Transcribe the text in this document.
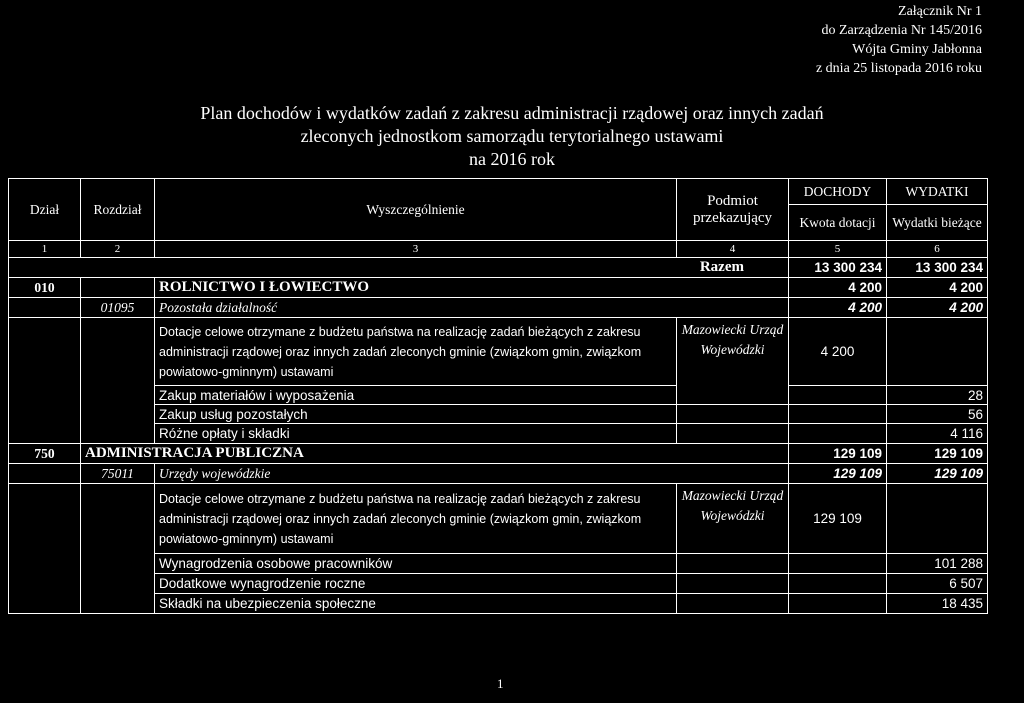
Załącznik Nr 1
do Zarządzenia Nr 145/2016
Wójta Gminy Jabłonna
z dnia 25 listopada 2016 roku
Plan dochodów i wydatków zadań z zakresu administracji rządowej oraz innych zadań
zleconych jednostkom samorządu terytorialnego ustawami
na 2016 rok
Dział	Rozdział	Wyszczególnienie	Podmiot przekazujący	DOCHODY	WYDATKI
				Kwota dotacji	Wydatki bieżące
1	2	3	4	5	6
Razem				13 300 234	13 300 234
010		ROLNICTWO I ŁOWIECTWO		4 200	4 200
	01095	Pozostała działalność		4 200	4 200
		Dotacje celowe otrzymane z budżetu państwa na realizację zadań bieżących z zakresu administracji rządowej oraz innych zadań zleconych gminie (związkom gmin, związkom powiatowo-gminnym) ustawami	Mazowiecki Urząd Wojewódzki	4 200	
		Zakup materiałów i wyposażenia			28
		Zakup usług pozostałych			56
		Różne opłaty i składki			4 116
750	ADMINISTRACJA PUBLICZNA			129 109	129 109
	75011	Urzędy wojewódzkie		129 109	129 109
		Dotacje celowe otrzymane z budżetu państwa na realizację zadań bieżących z zakresu administracji rządowej oraz innych zadań zleconych gminie (związkom gmin, związkom powiatowo-gminnym) ustawami	Mazowiecki Urząd Wojewódzki	129 109	
		Wynagrodzenia osobowe pracowników			101 288
		Dodatkowe wynagrodzenie roczne			6 507
		Składki na ubezpieczenia społeczne			18 435
1
